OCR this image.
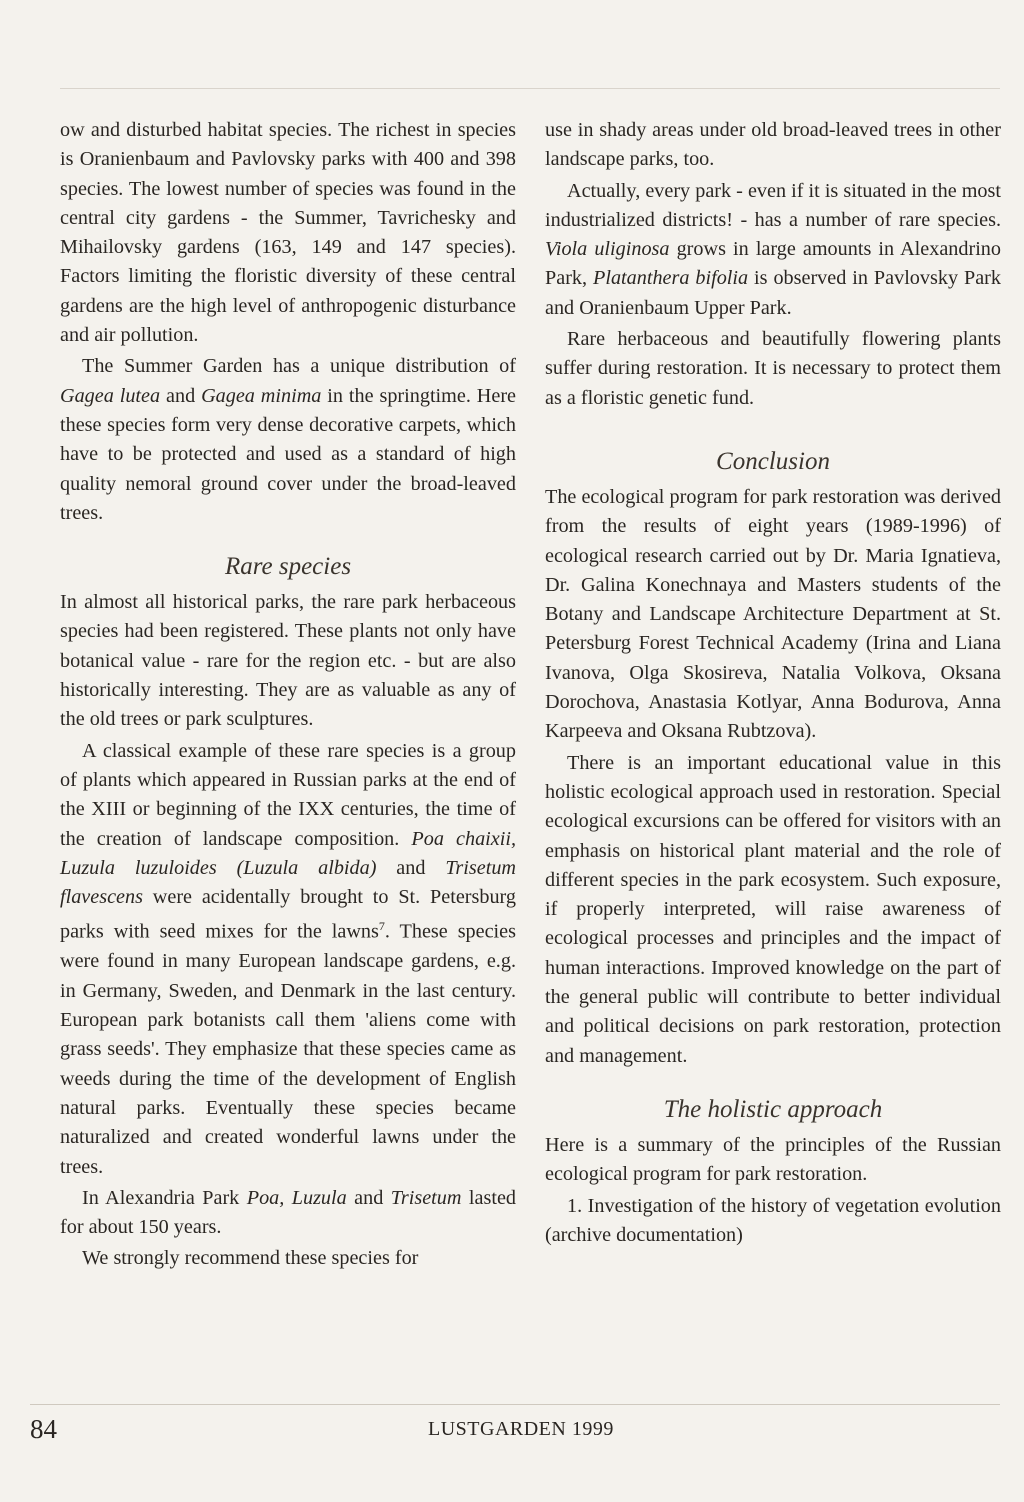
ow and disturbed habitat species. The richest in species is Oranienbaum and Pavlovsky parks with 400 and 398 species. The lowest number of species was found in the central city gardens - the Summer, Tavrichesky and Mihailovsky gardens (163, 149 and 147 species). Factors limiting the floristic diversity of these central gardens are the high level of anthropogenic disturbance and air pollution.

The Summer Garden has a unique distribution of Gagea lutea and Gagea minima in the springtime. Here these species form very dense decorative carpets, which have to be protected and used as a standard of high quality nemoral ground cover under the broad-leaved trees.

Rare species

In almost all historical parks, the rare park herbaceous species had been registered. These plants not only have botanical value - rare for the region etc. - but are also historically interesting. They are as valuable as any of the old trees or park sculptures.

A classical example of these rare species is a group of plants which appeared in Russian parks at the end of the XIII or beginning of the IXX centuries, the time of the creation of landscape composition. Poa chaixii, Luzula luzuloides (Luzula albida) and Trisetum flavescens were acidentally brought to St. Petersburg parks with seed mixes for the lawns$^7$. These species were found in many European landscape gardens, e.g. in Germany, Sweden, and Denmark in the last century. European park botanists call them 'aliens come with grass seeds'. They emphasize that these species came as weeds during the time of the development of English natural parks. Eventually these species became naturalized and created wonderful lawns under the trees.

In Alexandria Park Poa, Luzula and Trisetum lasted for about 150 years.

We strongly recommend these species for

use in shady areas under old broad-leaved trees in other landscape parks, too.

Actually, every park - even if it is situated in the most industrialized districts! - has a number of rare species. Viola uliginosa grows in large amounts in Alexandrino Park, Platanthera bifolia is observed in Pavlovsky Park and Oranienbaum Upper Park.

Rare herbaceous and beautifully flowering plants suffer during restoration. It is necessary to protect them as a floristic genetic fund.

Conclusion

The ecological program for park restoration was derived from the results of eight years (1989-1996) of ecological research carried out by Dr. Maria Ignatieva, Dr. Galina Konechnaya and Masters students of the Botany and Landscape Architecture Department at St. Petersburg Forest Technical Academy (Irina and Liana Ivanova, Olga Skosireva, Natalia Volkova, Oksana Dorochova, Anastasia Kotlyar, Anna Bodurova, Anna Karpeeva and Oksana Rubtzova).

There is an important educational value in this holistic ecological approach used in restoration. Special ecological excursions can be offered for visitors with an emphasis on historical plant material and the role of different species in the park ecosystem. Such exposure, if properly interpreted, will raise awareness of ecological processes and principles and the impact of human interactions. Improved knowledge on the part of the general public will contribute to better individual and political decisions on park restoration, protection and management.

The holistic approach

Here is a summary of the principles of the Russian ecological program for park restoration.

1. Investigation of the history of vegetation evolution (archive documentation)

84	LUSTGARDEN 1999
